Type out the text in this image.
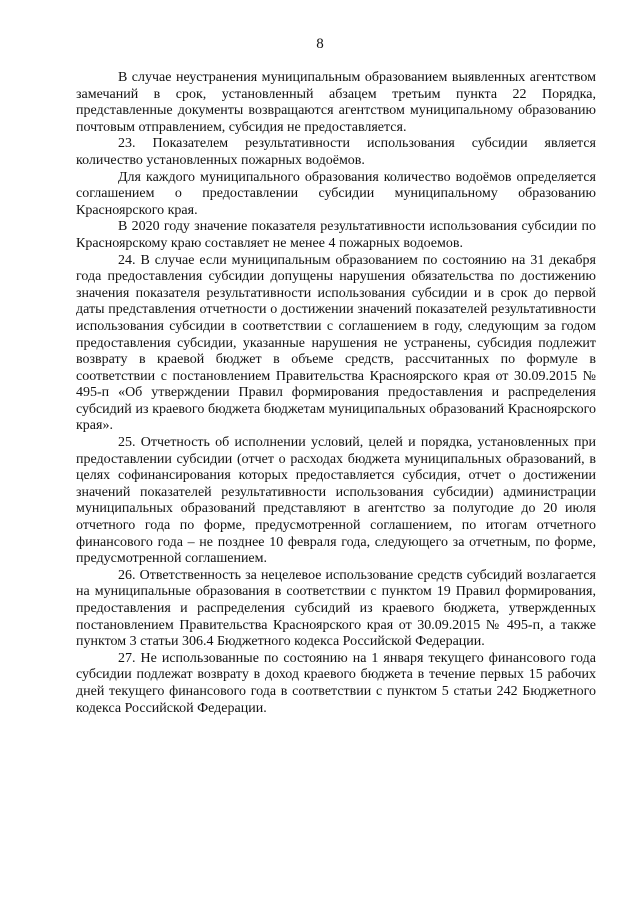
8

В случае неустранения муниципальным образованием выявленных агентством замечаний в срок, установленный абзацем третьим пункта 22 Порядка, представленные документы возвращаются агентством муниципальному образованию почтовым отправлением, субсидия не предоставляется.

23. Показателем результативности использования субсидии является количество установленных пожарных водоёмов.

Для каждого муниципального образования количество водоёмов определяется соглашением о предоставлении субсидии муниципальному образованию Красноярского края.

В 2020 году значение показателя результативности использования субсидии по Красноярскому краю составляет не менее 4 пожарных водоемов.

24. В случае если муниципальным образованием по состоянию на 31 декабря года предоставления субсидии допущены нарушения обязательства по достижению значения показателя результативности использования субсидии и в срок до первой даты представления отчетности о достижении значений показателей результативности использования субсидии в соответствии с соглашением в году, следующим за годом предоставления субсидии, указанные нарушения не устранены, субсидия подлежит возврату в краевой бюджет в объеме средств, рассчитанных по формуле в соответствии с постановлением Правительства Красноярского края от 30.09.2015 № 495-п «Об утверждении Правил формирования предоставления и распределения субсидий из краевого бюджета бюджетам муниципальных образований Красноярского края».

25. Отчетность об исполнении условий, целей и порядка, установленных при предоставлении субсидии (отчет о расходах бюджета муниципальных образований, в целях софинансирования которых предоставляется субсидия, отчет о достижении значений показателей результативности использования субсидии) администрации муниципальных образований представляют в агентство за полугодие до 20 июля отчетного года по форме, предусмотренной соглашением, по итогам отчетного финансового года – не позднее 10 февраля года, следующего за отчетным, по форме, предусмотренной соглашением.

26. Ответственность за нецелевое использование средств субсидий возлагается на муниципальные образования в соответствии с пунктом 19 Правил формирования, предоставления и распределения субсидий из краевого бюджета, утвержденных постановлением Правительства Красноярского края от 30.09.2015 № 495-п, а также пунктом 3 статьи 306.4 Бюджетного кодекса Российской Федерации.

27. Не использованные по состоянию на 1 января текущего финансового года субсидии подлежат возврату в доход краевого бюджета в течение первых 15 рабочих дней текущего финансового года в соответствии с пунктом 5 статьи 242 Бюджетного кодекса Российской Федерации.
